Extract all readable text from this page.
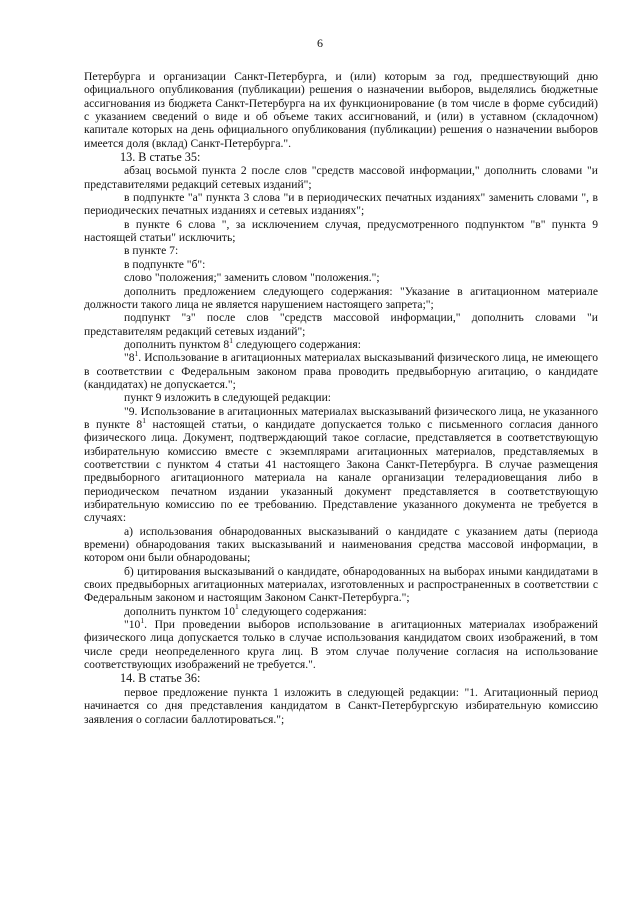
6

Петербурга и организации Санкт-Петербурга, и (или) которым за год, предшествующий дню официального опубликования (публикации) решения о назначении выборов, выделялись бюджетные ассигнования из бюджета Санкт-Петербурга на их функционирование (в том числе в форме субсидий) с указанием сведений о виде и об объеме таких ассигнований, и (или) в уставном (складочном) капитале которых на день официального опубликования (публикации) решения о назначении выборов имеется доля (вклад) Санкт-Петербурга.".

13. В статье 35:

абзац восьмой пункта 2 после слов "средств массовой информации," дополнить словами "и представителями редакций сетевых изданий";

в подпункте "а" пункта 3 слова "и в периодических печатных изданиях" заменить словами ", в периодических печатных изданиях и сетевых изданиях";

в пункте 6 слова ", за исключением случая, предусмотренного подпунктом "в" пункта 9 настоящей статьи" исключить;

в пункте 7:

в подпункте "б":

слово "положения;" заменить словом "положения.";

дополнить предложением следующего содержания: "Указание в агитационном материале должности такого лица не является нарушением настоящего запрета;";

подпункт "з" после слов "средств массовой информации," дополнить словами "и представителям редакций сетевых изданий";

дополнить пунктом $8^1$ следующего содержания:

"$8^1$. Использование в агитационных материалах высказываний физического лица, не имеющего в соответствии с Федеральным законом права проводить предвыборную агитацию, о кандидате (кандидатах) не допускается.";

пункт 9 изложить в следующей редакции:

"9. Использование в агитационных материалах высказываний физического лица, не указанного в пункте $8^1$ настоящей статьи, о кандидате допускается только с письменного согласия данного физического лица. Документ, подтверждающий такое согласие, представляется в соответствующую избирательную комиссию вместе с экземплярами агитационных материалов, представляемых в соответствии с пунктом 4 статьи 41 настоящего Закона Санкт-Петербурга. В случае размещения предвыборного агитационного материала на канале организации телерадиовещания либо в периодическом печатном издании указанный документ представляется в соответствующую избирательную комиссию по ее требованию. Представление указанного документа не требуется в случаях:

а) использования обнародованных высказываний о кандидате с указанием даты (периода времени) обнародования таких высказываний и наименования средства массовой информации, в котором они были обнародованы;

б) цитирования высказываний о кандидате, обнародованных на выборах иными кандидатами в своих предвыборных агитационных материалах, изготовленных и распространенных в соответствии с Федеральным законом и настоящим Законом Санкт-Петербурга.";

дополнить пунктом $10^1$ следующего содержания:

"$10^1$. При проведении выборов использование в агитационных материалах изображений физического лица допускается только в случае использования кандидатом своих изображений, в том числе среди неопределенного круга лиц. В этом случае получение согласия на использование соответствующих изображений не требуется.".

14. В статье 36:

первое предложение пункта 1 изложить в следующей редакции: "1. Агитационный период начинается со дня представления кандидатом в Санкт-Петербургскую избирательную комиссию заявления о согласии баллотироваться.";
